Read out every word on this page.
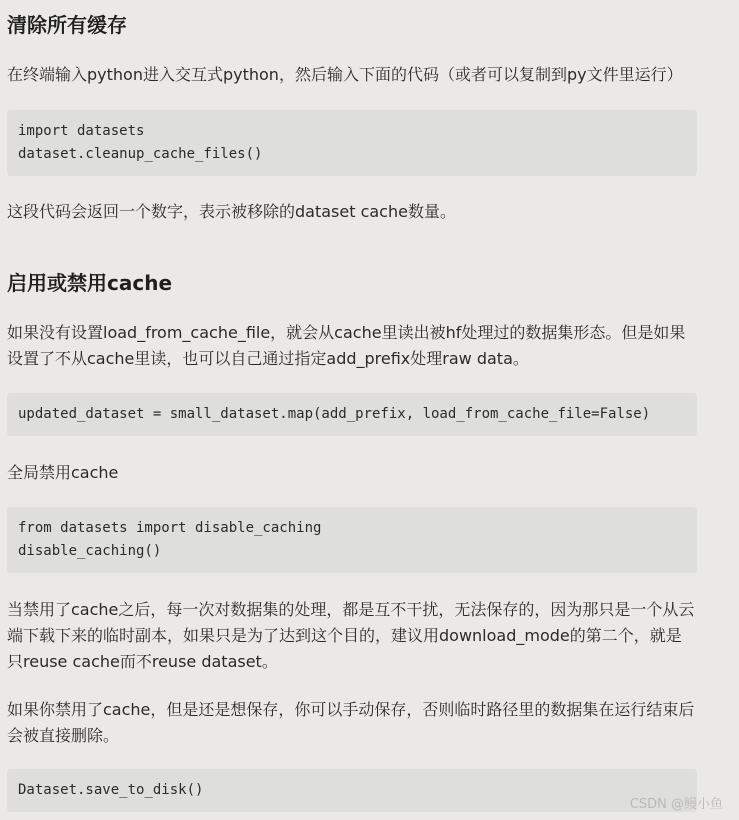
清除所有缓存

在终端输入python进入交互式python，然后输入下面的代码（或者可以复制到py文件里运行）

import datasets
dataset.cleanup_cache_files()

这段代码会返回一个数字，表示被移除的dataset cache数量。

启用或禁用cache

如果没有设置load_from_cache_file，就会从cache里读出被hf处理过的数据集形态。但是如果设置了不从cache里读，也可以自己通过指定add_prefix处理raw data。

updated_dataset = small_dataset.map(add_prefix, load_from_cache_file=False)

全局禁用cache

from datasets import disable_caching
disable_caching()

当禁用了cache之后，每一次对数据集的处理，都是互不干扰，无法保存的，因为那只是一个从云端下载下来的临时副本，如果只是为了达到这个目的，建议用download_mode的第二个，就是只reuse cache而不reuse dataset。

如果你禁用了cache，但是还是想保存，你可以手动保存，否则临时路径里的数据集在运行结束后会被直接删除。

Dataset.save_to_disk()
CSDN @鳗小鱼
